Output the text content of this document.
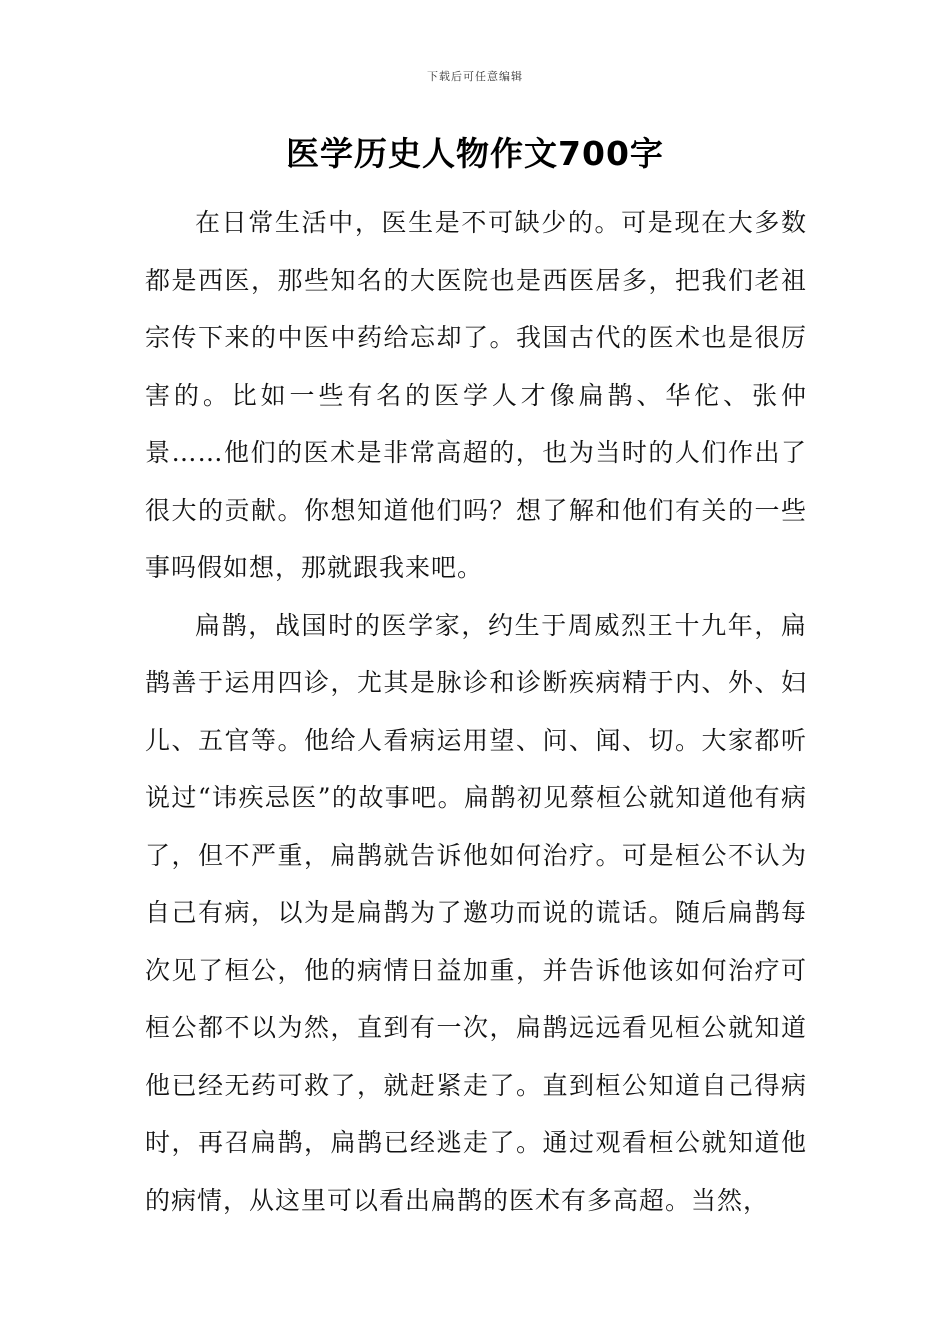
下载后可任意编辑
医学历史人物作文700字

在日常生活中，医生是不可缺少的。可是现在大多数都是西医，那些知名的大医院也是西医居多，把我们老祖宗传下来的中医中药给忘却了。我国古代的医术也是很厉害的。比如一些有名的医学人才像扁鹊、华佗、张仲景……他们的医术是非常高超的，也为当时的人们作出了很大的贡献。你想知道他们吗？想了解和他们有关的一些事吗假如想，那就跟我来吧。

扁鹊，战国时的医学家，约生于周威烈王十九年，扁鹊善于运用四诊，尤其是脉诊和诊断疾病精于内、外、妇儿、五官等。他给人看病运用望、问、闻、切。大家都听说过“讳疾忌医”的故事吧。扁鹊初见蔡桓公就知道他有病了，但不严重，扁鹊就告诉他如何治疗。可是桓公不认为自己有病，以为是扁鹊为了邀功而说的谎话。随后扁鹊每次见了桓公，他的病情日益加重，并告诉他该如何治疗可桓公都不以为然，直到有一次，扁鹊远远看见桓公就知道他已经无药可救了，就赶紧走了。直到桓公知道自己得病时，再召扁鹊，扁鹊已经逃走了。通过观看桓公就知道他的病情，从这里可以看出扁鹊的医术有多高超。当然，
